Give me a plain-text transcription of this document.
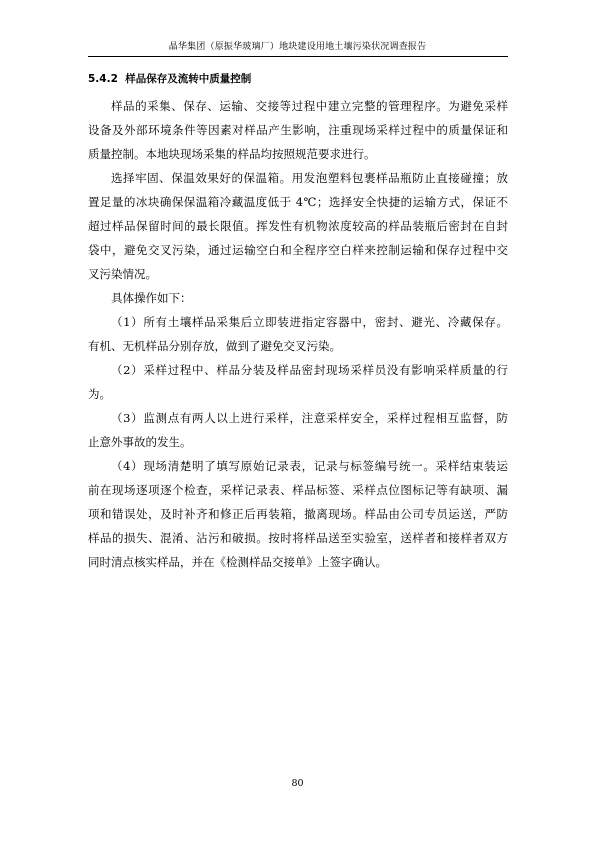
晶华集团（原振华玻璃厂）地块建设用地土壤污染状况调查报告
5.4.2 样品保存及流转中质量控制
样品的采集、保存、运输、交接等过程中建立完整的管理程序。为避免采样
设备及外部环境条件等因素对样品产生影响，注重现场采样过程中的质量保证和
质量控制。本地块现场采集的样品均按照规范要求进行。
选择牢固、保温效果好的保温箱。用发泡塑料包裹样品瓶防止直接碰撞；放
置足量的冰块确保保温箱冷藏温度低于 4℃；选择安全快捷的运输方式，保证不
超过样品保留时间的最长限值。挥发性有机物浓度较高的样品装瓶后密封在自封
袋中，避免交叉污染，通过运输空白和全程序空白样来控制运输和保存过程中交
叉污染情况。
具体操作如下：
（1）所有土壤样品采集后立即装进指定容器中，密封、避光、冷藏保存。
有机、无机样品分别存放，做到了避免交叉污染。
（2）采样过程中、样品分装及样品密封现场采样员没有影响采样质量的行
为。
（3）监测点有两人以上进行采样，注意采样安全，采样过程相互监督，防
止意外事故的发生。
（4）现场清楚明了填写原始记录表，记录与标签编号统一。采样结束装运
前在现场逐项逐个检查，采样记录表、样品标签、采样点位图标记等有缺项、漏
项和错误处，及时补齐和修正后再装箱，撤离现场。样品由公司专员运送，严防
样品的损失、混淆、沾污和破损。按时将样品送至实验室，送样者和接样者双方
同时清点核实样品，并在《检测样品交接单》上签字确认。
80
